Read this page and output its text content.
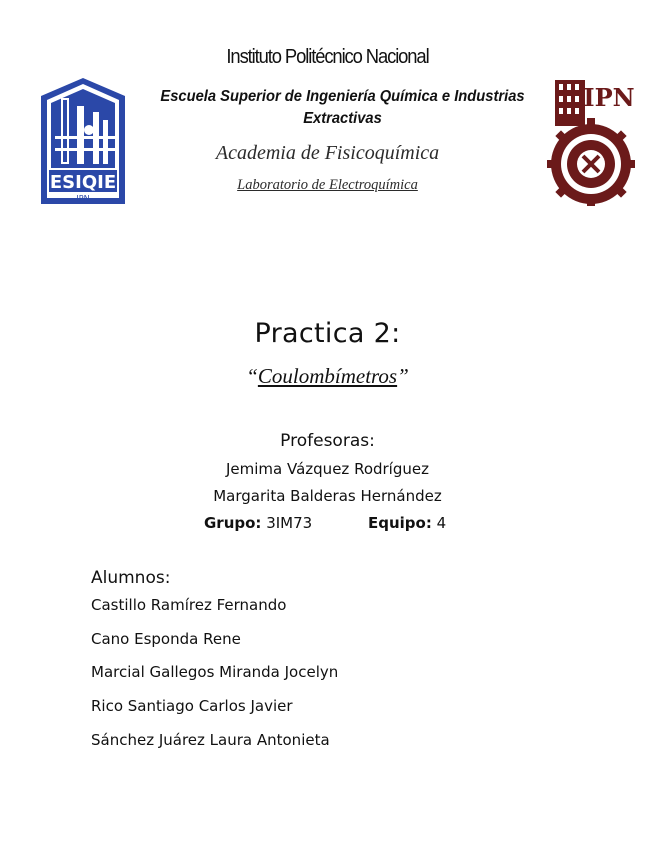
Instituto Politécnico Nacional
Escuela Superior de Ingeniería Química e Industrias Extractivas
Academia de Fisicoquímica
Laboratorio de Electroquímica
ESIQIE
IPN
IPN
Practica 2:
“Coulombímetros”
Profesoras:
Jemima Vázquez Rodríguez
Margarita Balderas Hernández
Grupo: 3IM73	Equipo: 4
Alumnos:
Castillo Ramírez Fernando
Cano Esponda Rene
Marcial Gallegos Miranda Jocelyn
Rico Santiago Carlos Javier
Sánchez Juárez Laura Antonieta
